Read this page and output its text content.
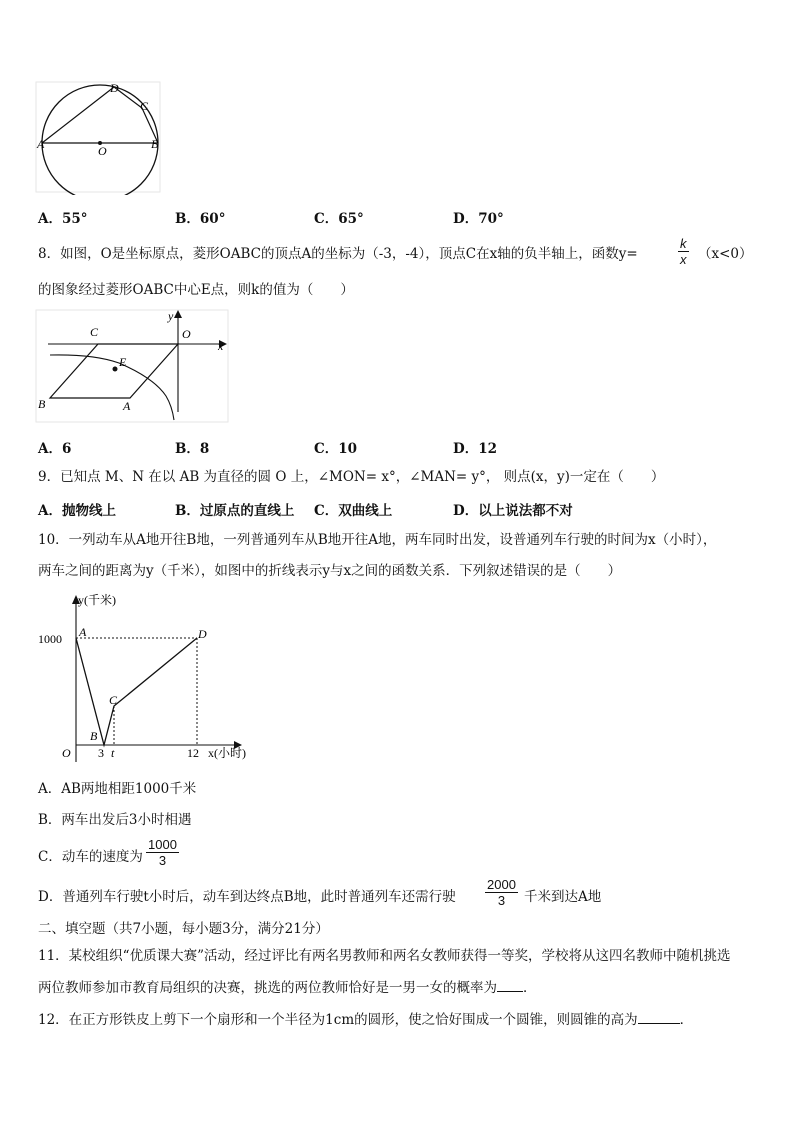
D
C
A	O	B
A．55°	B．60°	C．65°	D．70°
8．如图，O是坐标原点，菱形OABC的顶点A的坐标为（-3，-4），顶点C在x轴的负半轴上，函数y=	$\frac{k}{x} (x<0)$
的图象经过菱形OABC中心E点，则k的值为（　　）
C
y
O
x
E
B	A
A．6	B．8	C．10	D．12
9．已知点 M、N 在以 AB 为直径的圆 O 上，∠MON= x°，∠MAN= y°， 则点(x，y)一定在（　　）
A．抛物线上	B．过原点的直线上 C．双曲线上	D．以上说法都不对
10．一列动车从A地开往B地，一列普通列车从B地开往A地，两车同时出发，设普通列车行驶的时间为x（小时），
两车之间的距离为y（千米），如图中的折线表示y与x之间的函数关系．下列叙述错误的是（　　）
y(千米)
x(小时)
1000
3 t	12
O
A
B
C
D
A．AB两地相距1000千米
B．两车出发后3小时相遇
C．动车的速度为 $\frac{1000}{3}$
D．普通列车行驶t小时后，动车到达终点B地，此时普通列车还需行驶 $\frac{2000}{3}$ 千米到达A地
二、填空题（共7小题，每小题3分，满分21分）
11．某校组织“优质课大赛”活动，经过评比有两名男教师和两名女教师获得一等奖，学校将从这四名教师中随机挑选
两位教师参加市教育局组织的决赛，挑选的两位教师恰好是一男一女的概率为 ．
12．在正方形铁皮上剪下一个扇形和一个半径为1cm的圆形，使之恰好围成一个圆锥，则圆锥的高为	．
